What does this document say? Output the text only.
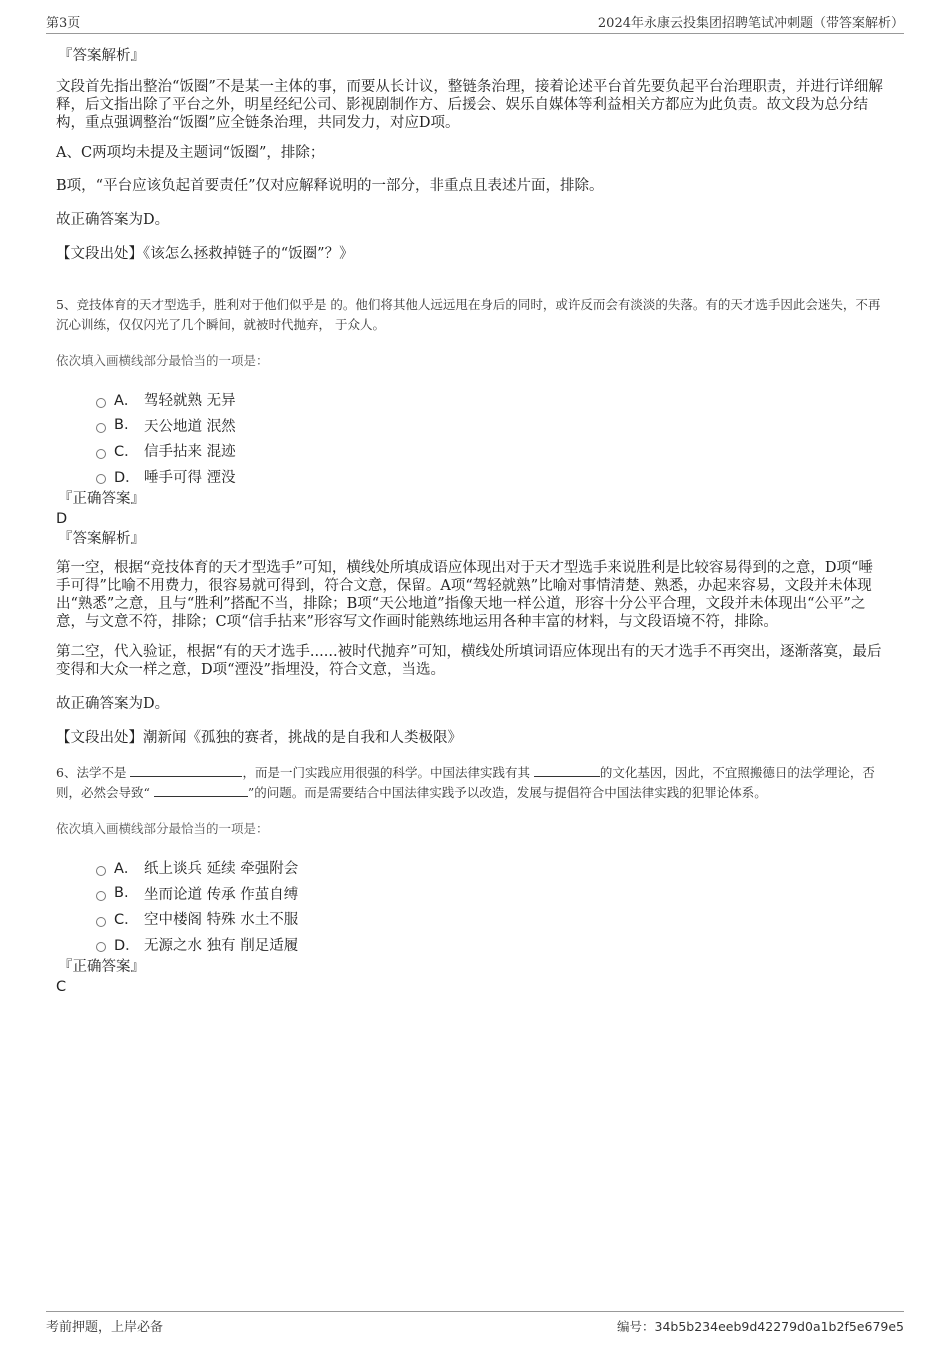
第3页	2024年永康云投集团招聘笔试冲刺题（带答案解析）
『答案解析』
文段首先指出整治“饭圈”不是某一主体的事，而要从长计议，整链条治理，接着论述平台首先要负起平台治理职责，并进行详细解释，后文指出除了平台之外，明星经纪公司、影视剧制作方、后援会、娱乐自媒体等利益相关方都应为此负责。故文段为总分结构，重点强调整治“饭圈”应全链条治理，共同发力，对应D项。
A、C两项均未提及主题词“饭圈”，排除；
B项，“平台应该负起首要责任”仅对应解释说明的一部分，非重点且表述片面，排除。
故正确答案为D。
【文段出处】《该怎么拯救掉链子的“饭圈”？》
5、竞技体育的天才型选手，胜利对于他们似乎是 的。他们将其他人远远甩在身后的同时，或许反而会有淡淡的失落。有的天才选手因此会迷失，不再沉心训练，仅仅闪光了几个瞬间，就被时代抛弃， 于众人。
依次填入画横线部分最恰当的一项是：
A． 驾轻就熟 无异
B.	天公地道 泯然
C． 信手拈来 混迹
D． 唾手可得 湮没
『正确答案』
D
『答案解析』
第一空，根据“竞技体育的天才型选手”可知，横线处所填成语应体现出对于天才型选手来说胜利是比较容易得到的之意，D项“唾手可得”比喻不用费力，很容易就可得到，符合文意，保留。A项“驾轻就熟”比喻对事情清楚、熟悉，办起来容易，文段并未体现出“熟悉”之意，且与“胜利”搭配不当，排除；B项“天公地道”指像天地一样公道，形容十分公平合理，文段并未体现出“公平”之意，与文意不符，排除；C项“信手拈来”形容写文作画时能熟练地运用各种丰富的材料，与文段语境不符，排除。
第二空，代入验证，根据“有的天才选手......被时代抛弃”可知，横线处所填词语应体现出有的天才选手不再突出，逐渐落寞，最后变得和大众一样之意，D项“湮没”指埋没，符合文意，当选。
故正确答案为D。
【文段出处】潮新闻《孤独的赛者，挑战的是自我和人类极限》
6、法学不是	，而是一门实践应用很强的科学。中国法律实践有其	的文化基因，因此，不宜照搬德日的法学理论，否则，必然会导致“	”的问题。而是需要结合中国法律实践予以改造，发展与提倡符合中国法律实践的犯罪论体系。
依次填入画横线部分最恰当的一项是：
A． 纸上谈兵 延续 牵强附会
B.	坐而论道 传承 作茧自缚
C． 空中楼阁 特殊 水土不服
D． 无源之水 独有 削足适履
『正确答案』
C
考前押题，上岸必备	编号：34b5b234eeb9d42279d0a1b2f5e679e5
